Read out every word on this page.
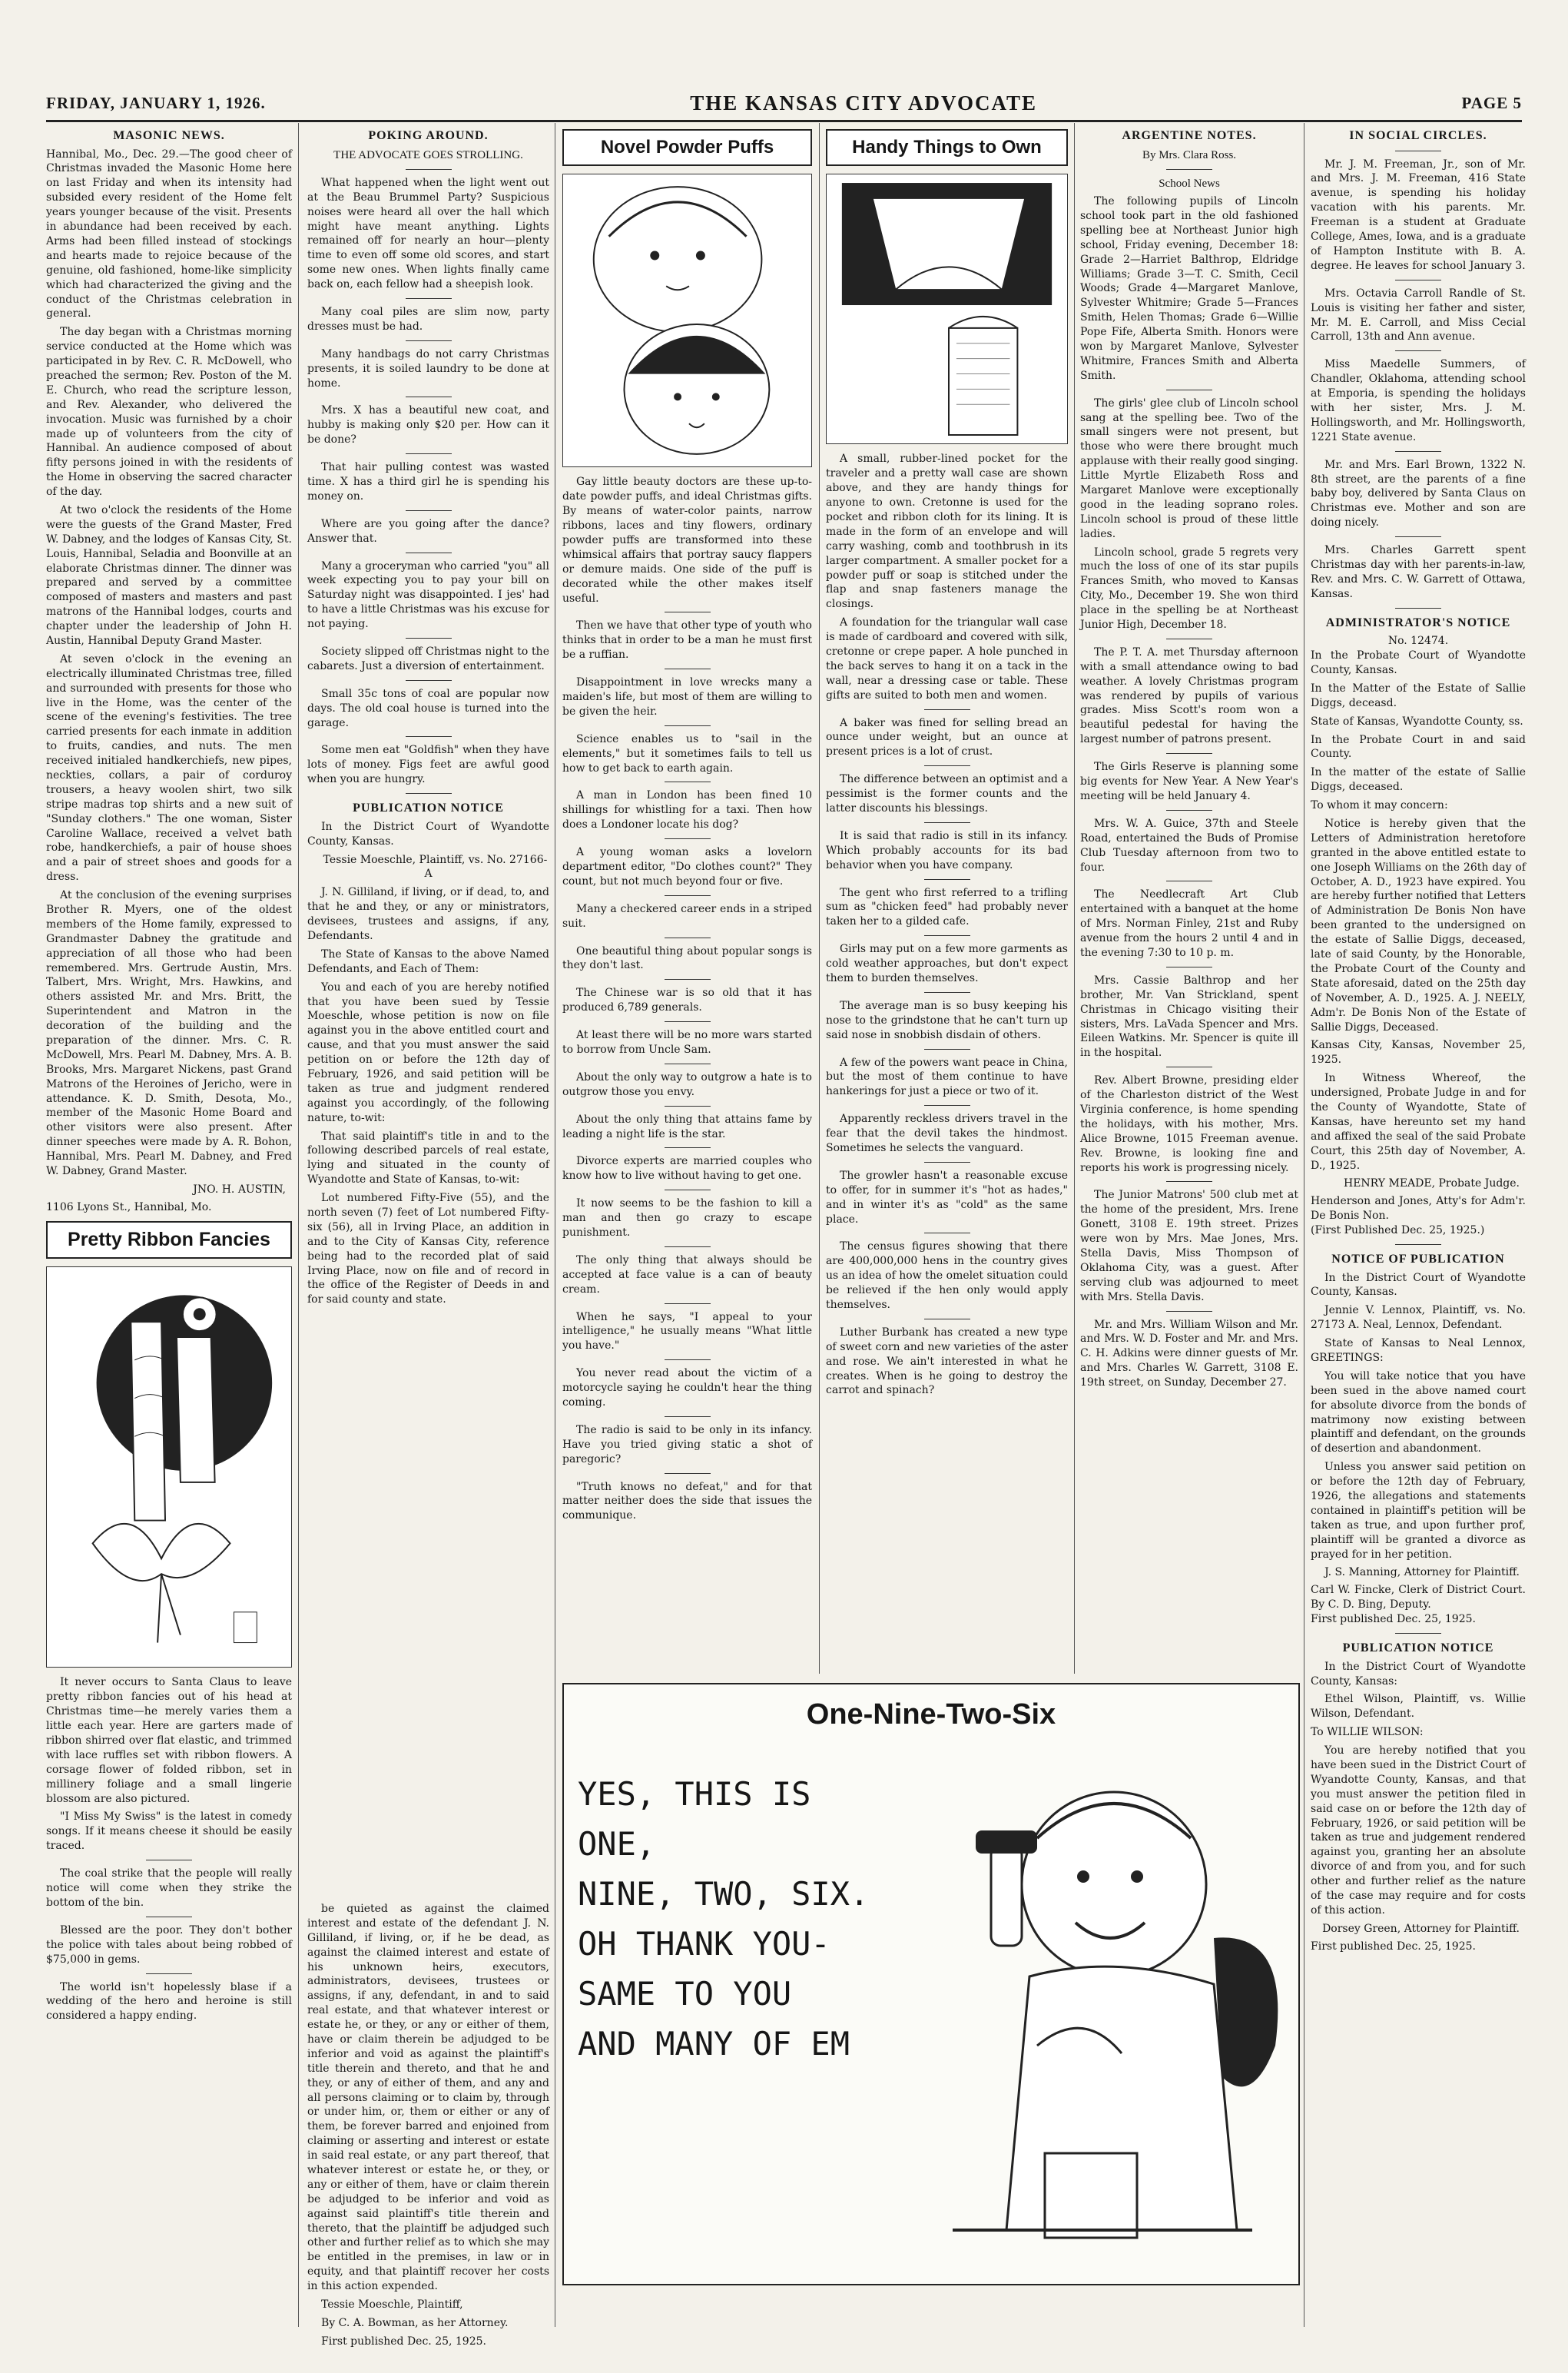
FRIDAY, JANUARY 1, 1926.	THE KANSAS CITY ADVOCATE	PAGE 5
MASONIC NEWS.

Hannibal, Mo., Dec. 29.—The good cheer of Christmas invaded the Masonic Home here on last Friday and when its intensity had subsided every resident of the Home felt years younger because of the visit. Presents in abundance had been received by each. Arms had been filled instead of stockings and hearts made to rejoice because of the genuine, old fashioned, home-like simplicity which had characterized the giving and the conduct of the Christmas celebration in general.

The day began with a Christmas morning service conducted at the Home which was participated in by Rev. C. R. McDowell, who preached the sermon; Rev. Poston of the M. E. Church, who read the scripture lesson, and Rev. Alexander, who delivered the invocation. Music was furnished by a choir made up of volunteers from the city of Hannibal. An audience composed of about fifty persons joined in with the residents of the Home in observing the sacred character of the day.

At two o'clock the residents of the Home were the guests of the Grand Master, Fred W. Dabney, and the lodges of Kansas City, St. Louis, Hannibal, Seladia and Boonville at an elaborate Christmas dinner. The dinner was prepared and served by a committee composed of masters and masters and past matrons of the Hannibal lodges, courts and chapter under the leadership of John H. Austin, Hannibal Deputy Grand Master.

At seven o'clock in the evening an electrically illuminated Christmas tree, filled and surrounded with presents for those who live in the Home, was the center of the scene of the evening's festivities. The tree carried presents for each inmate in addition to fruits, candies, and nuts. The men received initialed handkerchiefs, new pipes, neckties, collars, a pair of corduroy trousers, a heavy woolen shirt, two silk stripe madras top shirts and a new suit of "Sunday clothers." The one woman, Sister Caroline Wallace, received a velvet bath robe, handkerchiefs, a pair of house shoes and a pair of street shoes and goods for a dress.

At the conclusion of the evening surprises Brother R. Myers, one of the oldest members of the Home family, expressed to Grandmaster Dabney the gratitude and appreciation of all those who had been remembered. Mrs. Gertrude Austin, Mrs. Talbert, Mrs. Wright, Mrs. Hawkins, and others assisted Mr. and Mrs. Britt, the Superintendent and Matron in the decoration of the building and the preparation of the dinner. Mrs. C. R. McDowell, Mrs. Pearl M. Dabney, Mrs. A. B. Brooks, Mrs. Margaret Nickens, past Grand Matrons of the Heroines of Jericho, were in attendance. K. D. Smith, Desota, Mo., member of the Masonic Home Board and other visitors were also present. After dinner speeches were made by A. R. Bohon, Hannibal, Mrs. Pearl M. Dabney, and Fred W. Dabney, Grand Master.

JNO. H. AUSTIN,
1106 Lyons St., Hannibal, Mo.
Pretty Ribbon Fancies

It never occurs to Santa Claus to leave pretty ribbon fancies out of his head at Christmas time—he merely varies them a little each year. Here are garters made of ribbon shirred over flat elastic, and trimmed with lace ruffles set with ribbon flowers. A corsage flower of folded ribbon, set in millinery foliage and a small lingerie blossom are also pictured.

"I Miss My Swiss" is the latest in comedy songs. If it means cheese it should be easily traced.

The coal strike that the people will really notice will come when they strike the bottom of the bin.

Blessed are the poor. They don't bother the police with tales about being robbed of $75,000 in gems.

The world isn't hopelessly blase if a wedding of the hero and heroine is still considered a happy ending.

POKING AROUND.
THE ADVOCATE GOES STROLLING.

What happened when the light went out at the Beau Brummel Party? Suspicious noises were heard all over the hall which might have meant anything. Lights remained off for nearly an hour—plenty time to even off some old scores, and start some new ones. When lights finally came back on, each fellow had a sheepish look.

Many coal piles are slim now, party dresses must be had.

Many handbags do not carry Christmas presents, it is soiled laundry to be done at home.

Mrs. X has a beautiful new coat, and hubby is making only $20 per. How can it be done?

That hair pulling contest was wasted time. X has a third girl he is spending his money on.

Where are you going after the dance? Answer that.

Many a groceryman who carried "you" all week expecting you to pay your bill on Saturday night was disappointed. I jes' had to have a little Christmas was his excuse for not paying.

Society slipped off Christmas night to the cabarets. Just a diversion of entertainment.

Small 35c tons of coal are popular now days. The old coal house is turned into the garage.

Some men eat "Goldfish" when they have lots of money. Figs feet are awful good when you are hungry.

PUBLICATION NOTICE

In the District Court of Wyandotte County, Kansas.

Tessie Moeschle, Plaintiff, vs. No. 27166-A

J. N. Gilliland, if living, or if dead, to, and that he and they, or any or ministrators, devisees, trustees and assigns, if any, Defendants.

The State of Kansas to the above Named Defendants, and Each of Them:

You and each of you are hereby notified that you have been sued by Tessie Moeschle, whose petition is now on file against you in the above entitled court and cause, and that you must answer the said petition on or before the 12th day of February, 1926, and said petition will be taken as true and judgment rendered against you accordingly, of the following nature, to-wit:

That said plaintiff's title in and to the following described parcels of real estate, lying and situated in the county of Wyandotte and State of Kansas, to-wit:

Lot numbered Fifty-Five (55), and the north seven (7) feet of Lot numbered Fifty-six (56), all in Irving Place, an addition in and to the City of Kansas City, reference being had to the recorded plat of said Irving Place, now on file and of record in the office of the Register of Deeds in and for said county and state.

be quieted as against the claimed interest and estate of the defendant J. N. Gilliland, if living, or, if he be dead, as against the claimed interest and estate of his unknown heirs, executors, administrators, devisees, trustees or assigns, if any, defendant, in and to said real estate, and that whatever interest or estate he, or they, or any or either of them, have or claim therein be adjudged to be inferior and void as against the plaintiff's title therein and thereto, and that he and they, or any of either of them, and any and all persons claiming or to claim by, through or under him, or, them or either or any of them, be forever barred and enjoined from claiming or asserting and interest or estate in said real estate, or any part thereof, that whatever interest or estate he, or they, or any or either of them, have or claim therein be adjudged to be inferior and void as against said plaintiff's title therein and thereto, that the plaintiff be adjudged such other and further relief as to which she may be entitled in the premises, in law or in equity, and that plaintiff recover her costs in this action expended.

Tessie Moeschle, Plaintiff,

By C. A. Bowman, as her Attorney.

First published Dec. 25, 1925.

Novel Powder Puffs

Gay little beauty doctors are these up-to-date powder puffs, and ideal Christmas gifts. By means of water-color paints, narrow ribbons, laces and tiny flowers, ordinary powder puffs are transformed into these whimsical affairs that portray saucy flappers or demure maids. One side of the puff is decorated while the other makes itself useful.

Then we have that other type of youth who thinks that in order to be a man he must first be a ruffian.

Disappointment in love wrecks many a maiden's life, but most of them are willing to be given the heir.

Science enables us to "sail in the elements," but it sometimes fails to tell us how to get back to earth again.

A man in London has been fined 10 shillings for whistling for a taxi. Then how does a Londoner locate his dog?

A young woman asks a lovelorn department editor, "Do clothes count?" They count, but not much beyond four or five.

Many a checkered career ends in a striped suit.

One beautiful thing about popular songs is they don't last.

The Chinese war is so old that it has produced 6,789 generals.

At least there will be no more wars started to borrow from Uncle Sam.

About the only way to outgrow a hate is to outgrow those you envy.

About the only thing that attains fame by leading a night life is the star.

Divorce experts are married couples who know how to live without having to get one.

It now seems to be the fashion to kill a man and then go crazy to escape punishment.

The only thing that always should be accepted at face value is a can of beauty cream.

When he says, "I appeal to your intelligence," he usually means "What little you have."

You never read about the victim of a motorcycle saying he couldn't hear the thing coming.

The radio is said to be only in its infancy. Have you tried giving static a shot of paregoric?

"Truth knows no defeat," and for that matter neither does the side that issues the communique.

Handy Things to Own

A small, rubber-lined pocket for the traveler and a pretty wall case are shown above, and they are handy things for anyone to own. Cretonne is used for the pocket and ribbon cloth for its lining. It is made in the form of an envelope and will carry washing, comb and toothbrush in its larger compartment. A smaller pocket for a powder puff or soap is stitched under the flap and snap fasteners manage the closings.

A foundation for the triangular wall case is made of cardboard and covered with silk, cretonne or crepe paper. A hole punched in the back serves to hang it on a tack in the wall, near a dressing case or table. These gifts are suited to both men and women.

A baker was fined for selling bread an ounce under weight, but an ounce at present prices is a lot of crust.

The difference between an optimist and a pessimist is the former counts and the latter discounts his blessings.

It is said that radio is still in its infancy. Which probably accounts for its bad behavior when you have company.

The gent who first referred to a trifling sum as "chicken feed" had probably never taken her to a gilded cafe.

Girls may put on a few more garments as cold weather approaches, but don't expect them to burden themselves.

The average man is so busy keeping his nose to the grindstone that he can't turn up said nose in snobbish disdain of others.

A few of the powers want peace in China, but the most of them continue to have hankerings for just a piece or two of it.

Apparently reckless drivers travel in the fear that the devil takes the hindmost. Sometimes he selects the vanguard.

The growler hasn't a reasonable excuse to offer, for in summer it's "hot as hades," and in winter it's as "cold" as the same place.

The census figures showing that there are 400,000,000 hens in the country gives us an idea of how the omelet situation could be relieved if the hen only would apply themselves.

Luther Burbank has created a new type of sweet corn and new varieties of the aster and rose. We ain't interested in what he creates. When is he going to destroy the carrot and spinach?

ARGENTINE NOTES.
By Mrs. Clara Ross.
School News

The following pupils of Lincoln school took part in the old fashioned spelling bee at Northeast Junior high school, Friday evening, December 18: Grade 2—Harriet Balthrop, Eldridge Williams; Grade 3—T. C. Smith, Cecil Woods; Grade 4—Margaret Manlove, Sylvester Whitmire; Grade 5—Frances Smith, Helen Thomas; Grade 6—Willie Pope Fife, Alberta Smith. Honors were won by Margaret Manlove, Sylvester Whitmire, Frances Smith and Alberta Smith.

The girls' glee club of Lincoln school sang at the spelling bee. Two of the small singers were not present, but those who were there brought much applause with their really good singing. Little Myrtle Elizabeth Ross and Margaret Manlove were exceptionally good in the leading soprano roles. Lincoln school is proud of these little ladies.

Lincoln school, grade 5 regrets very much the loss of one of its star pupils Frances Smith, who moved to Kansas City, Mo., December 19. She won third place in the spelling be at Northeast Junior High, December 18.

The P. T. A. met Thursday afternoon with a small attendance owing to bad weather. A lovely Christmas program was rendered by pupils of various grades. Miss Scott's room won a beautiful pedestal for having the largest number of patrons present.

The Girls Reserve is planning some big events for New Year. A New Year's meeting will be held January 4.

Mrs. W. A. Guice, 37th and Steele Road, entertained the Buds of Promise Club Tuesday afternoon from two to four.

The Needlecraft Art Club entertained with a banquet at the home of Mrs. Norman Finley, 21st and Ruby avenue from the hours 2 until 4 and in the evening 7:30 to 10 p. m.

Mrs. Cassie Balthrop and her brother, Mr. Van Strickland, spent Christmas in Chicago visiting their sisters, Mrs. LaVada Spencer and Mrs. Eileen Watkins. Mr. Spencer is quite ill in the hospital.

Rev. Albert Browne, presiding elder of the Charleston district of the West Virginia conference, is home spending the holidays, with his mother, Mrs. Alice Browne, 1015 Freeman avenue. Rev. Browne, is looking fine and reports his work is progressing nicely.

The Junior Matrons' 500 club met at the home of the president, Mrs. Irene Gonett, 3108 E. 19th street. Prizes were won by Mrs. Mae Jones, Mrs. Stella Davis, Miss Thompson of Oklahoma City, was a guest. After serving club was adjourned to meet with Mrs. Stella Davis.

Mr. and Mrs. William Wilson and Mr. and Mrs. W. D. Foster and Mr. and Mrs. C. H. Adkins were dinner guests of Mr. and Mrs. Charles W. Garrett, 3108 E. 19th street, on Sunday, December 27.

IN SOCIAL CIRCLES.

Mr. J. M. Freeman, Jr., son of Mr. and Mrs. J. M. Freeman, 416 State avenue, is spending his holiday vacation with his parents. Mr. Freeman is a student at Graduate College, Ames, Iowa, and is a graduate of Hampton Institute with B. A. degree. He leaves for school January 3.

Mrs. Octavia Carroll Randle of St. Louis is visiting her father and sister, Mr. M. E. Carroll, and Miss Cecial Carroll, 13th and Ann avenue.

Miss Maedelle Summers, of Chandler, Oklahoma, attending school at Emporia, is spending the holidays with her sister, Mrs. J. M. Hollingsworth, and Mr. Hollingsworth, 1221 State avenue.

Mr. and Mrs. Earl Brown, 1322 N. 8th street, are the parents of a fine baby boy, delivered by Santa Claus on Christmas eve. Mother and son are doing nicely.

Mrs. Charles Garrett spent Christmas day with her parents-in-law, Rev. and Mrs. C. W. Garrett of Ottawa, Kansas.

ADMINISTRATOR'S NOTICE
No. 12474.

In the Probate Court of Wyandotte County, Kansas.

In the Matter of the Estate of Sallie Diggs, deceasd.

State of Kansas, Wyandotte County, ss.

In the Probate Court in and said County.

In the matter of the estate of Sallie Diggs, deceased.

To whom it may concern:

Notice is hereby given that the Letters of Administration heretofore granted in the above entitled estate to one Joseph Williams on the 26th day of October, A. D., 1923 have expired. You are hereby further notified that Letters of Administration De Bonis Non have been granted to the undersigned on the estate of Sallie Diggs, deceased, late of said County, by the Honorable, the Probate Court of the County and State aforesaid, dated on the 25th day of November, A. D., 1925. A. J. NEELY, Adm'r. De Bonis Non of the Estate of Sallie Diggs, Deceased.

Kansas City, Kansas, November 25, 1925.

In Witness Whereof, the undersigned, Probate Judge in and for the County of Wyandotte, State of Kansas, have hereunto set my hand and affixed the seal of the said Probate Court, this 25th day of November, A. D., 1925.

HENRY MEADE, Probate Judge.
Henderson and Jones, Atty's for Adm'r. De Bonis Non.
(First Published Dec. 25, 1925.)
NOTICE OF PUBLICATION

In the District Court of Wyandotte County, Kansas.

Jennie V. Lennox, Plaintiff, vs. No. 27173 A. Neal, Lennox, Defendant.

State of Kansas to Neal Lennox, GREETINGS:

You will take notice that you have been sued in the above named court for absolute divorce from the bonds of matrimony now existing between plaintiff and defendant, on the grounds of desertion and abandonment.

Unless you answer said petition on or before the 12th day of February, 1926, the allegations and statements contained in plaintiff's petition will be taken as true, and upon further prof, plaintiff will be granted a divorce as prayed for in her petition.

J. S. Manning, Attorney for Plaintiff.
Carl W. Fincke, Clerk of District Court. By C. D. Bing, Deputy.
First published Dec. 25, 1925.
PUBLICATION NOTICE

In the District Court of Wyandotte County, Kansas:

Ethel Wilson, Plaintiff, vs. Willie Wilson, Defendant.

To WILLIE WILSON:

You are hereby notified that you have been sued in the District Court of Wyandotte County, Kansas, and that you must answer the petition filed in said case on or before the 12th day of February, 1926, or said petition will be taken as true and judgement rendered against you, granting her an absolute divorce of and from you, and for such other and further relief as the nature of the case may require and for costs of this action.

Dorsey Green, Attorney for Plaintiff.
First published Dec. 25, 1925.
One-Nine-Two-Six
YES, THIS IS ONE,
NINE, TWO, SIX.
OH THANK YOU-
SAME TO YOU
AND MANY OF EM
